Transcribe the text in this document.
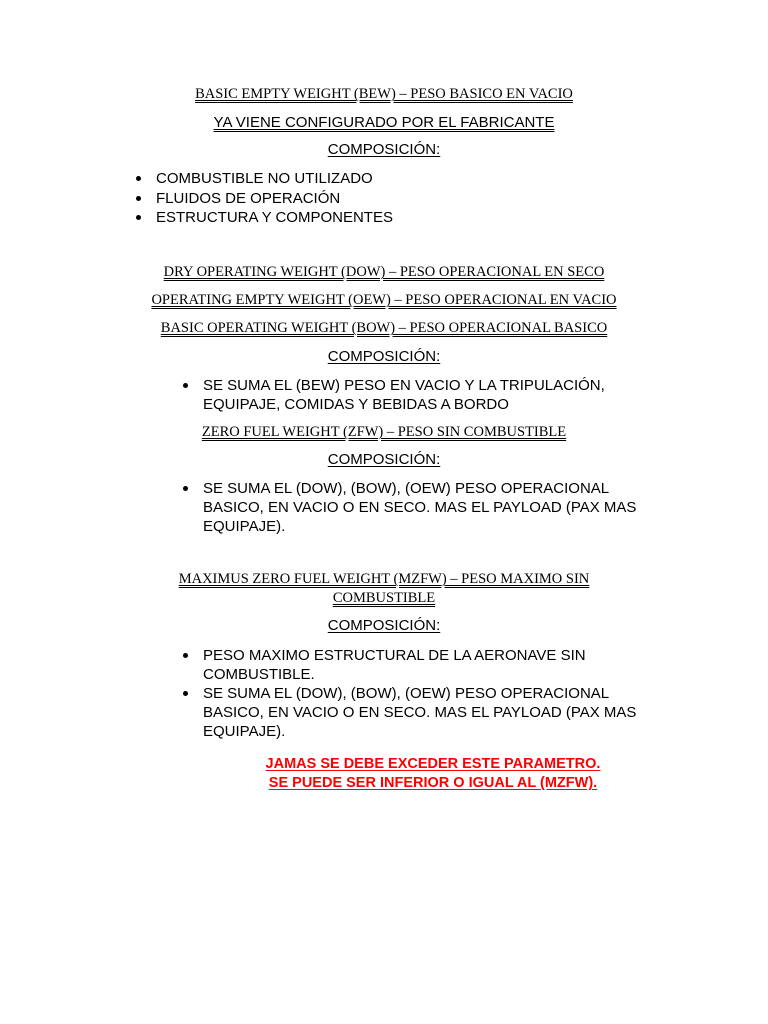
BASIC EMPTY WEIGHT (BEW) – PESO BASICO EN VACIO
YA VIENE CONFIGURADO POR EL FABRICANTE
COMPOSICIÓN:
COMBUSTIBLE NO UTILIZADO
FLUIDOS DE OPERACIÓN
ESTRUCTURA Y COMPONENTES
DRY OPERATING WEIGHT (DOW) – PESO OPERACIONAL EN SECO
OPERATING EMPTY WEIGHT (OEW) – PESO OPERACIONAL EN VACIO
BASIC OPERATING WEIGHT (BOW) – PESO OPERACIONAL BASICO
COMPOSICIÓN:
SE SUMA EL (BEW) PESO EN VACIO Y LA TRIPULACIÓN, EQUIPAJE, COMIDAS Y BEBIDAS A BORDO
ZERO FUEL WEIGHT (ZFW) – PESO SIN COMBUSTIBLE
COMPOSICIÓN:
SE SUMA EL (DOW), (BOW), (OEW) PESO OPERACIONAL BASICO, EN VACIO O EN SECO. MAS EL PAYLOAD (PAX MAS EQUIPAJE).
MAXIMUS ZERO FUEL WEIGHT (MZFW) – PESO MAXIMO SIN
COMBUSTIBLE
COMPOSICIÓN:
PESO MAXIMO ESTRUCTURAL DE LA AERONAVE SIN COMBUSTIBLE.
SE SUMA EL (DOW), (BOW), (OEW) PESO OPERACIONAL BASICO, EN VACIO O EN SECO. MAS EL PAYLOAD (PAX MAS EQUIPAJE).
JAMAS SE DEBE EXCEDER ESTE PARAMETRO.
SE PUEDE SER INFERIOR O IGUAL AL (MZFW).
